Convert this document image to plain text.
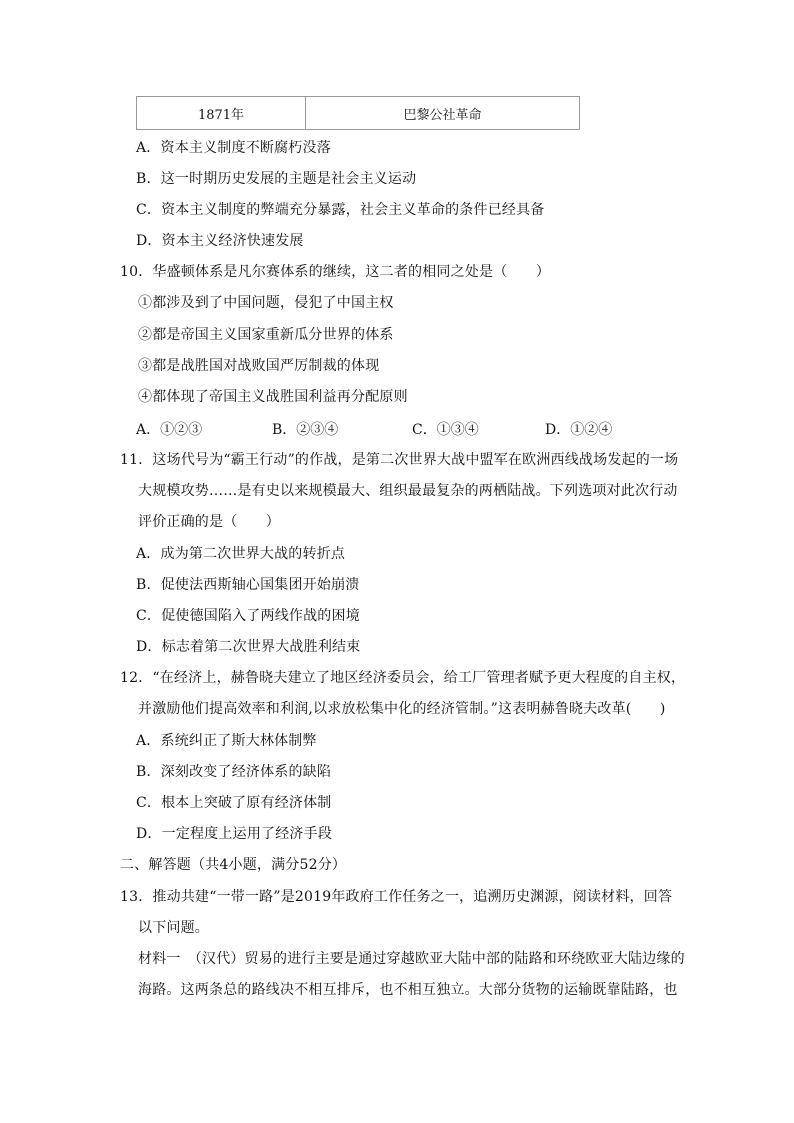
1871年	巴黎公社革命
A．资本主义制度不断腐朽没落
B．这一时期历史发展的主题是社会主义运动
C．资本主义制度的弊端充分暴露，社会主义革命的条件已经具备
D．资本主义经济快速发展
10．华盛顿体系是凡尔赛体系的继续，这二者的相同之处是（　　）
①都涉及到了中国问题，侵犯了中国主权
②都是帝国主义国家重新瓜分世界的体系
③都是战胜国对战败国严厉制裁的体现
④都体现了帝国主义战胜国利益再分配原则
A．①②③	B．②③④	C．①③④	D．①②④
11．这场代号为“霸王行动”的作战，是第二次世界大战中盟军在欧洲西线战场发起的一场
大规模攻势……是有史以来规模最大、组织最最复杂的两栖陆战。下列选项对此次行动
评价正确的是（　　）
A．成为第二次世界大战的转折点
B．促使法西斯轴心国集团开始崩溃
C．促使德国陷入了两线作战的困境
D．标志着第二次世界大战胜利结束
12．“在经济上，赫鲁晓夫建立了地区经济委员会，给工厂管理者赋予更大程度的自主权，
并激励他们提高效率和利润,以求放松集中化的经济管制。”这表明赫鲁晓夫改革(　　)
A．系统纠正了斯大林体制弊
B．深刻改变了经济体系的缺陷
C．根本上突破了原有经济体制
D．一定程度上运用了经济手段
二、解答题（共4小题，满分52分）
13．推动共建“一带一路”是2019年政府工作任务之一，追溯历史渊源，阅读材料，回答
以下问题。
材料一　（汉代）贸易的进行主要是通过穿越欧亚大陆中部的陆路和环绕欧亚大陆边缘的
海路。这两条总的路线决不相互排斥，也不相互独立。大部分货物的运输既靠陆路，也
